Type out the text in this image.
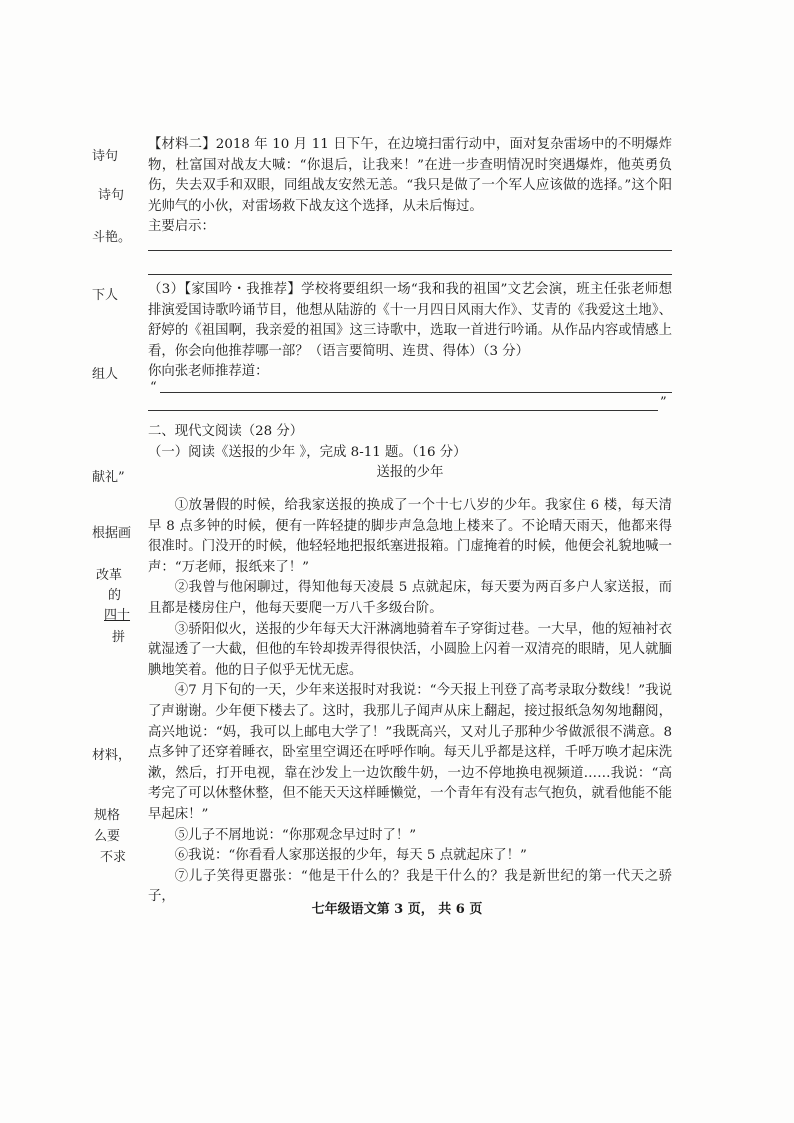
诗句
诗句
斗艳。
下人
组人
献礼”
根据画
改革
的
四十
拼
材料，
规格
么要
不求

【材料二】2018 年 10 月 11 日下午，在边境扫雷行动中，面对复杂雷场中的不明爆炸物，杜富国对战友大喊：“你退后，让我来！”在进一步查明情况时突遇爆炸，他英勇负伤，失去双手和双眼，同组战友安然无恙。“我只是做了一个军人应该做的选择。”这个阳光帅气的小伙，对雷场救下战友这个选择，从未后悔过。

主要启示：

（3）【家国吟・我推荐】学校将要组织一场“我和我的祖国”文艺会演，班主任张老师想排演爱国诗歌吟诵节目，他想从陆游的《十一月四日风雨大作》、艾青的《我爱这土地》、舒婷的《祖国啊，我亲爱的祖国》这三诗歌中，选取一首进行吟诵。从作品内容或情感上看，你会向他推荐哪一部？（语言要简明、连贯、得体）（3 分）

你向张老师推荐道：

“
”

二、现代文阅读（28 分）

（一）阅读《送报的少年 》，完成 8-11 题。（16 分）

送报的少年

①放暑假的时候，给我家送报的换成了一个十七八岁的少年。我家住 6 楼，每天清早 8 点多钟的时候，便有一阵轻捷的脚步声急急地上楼来了。不论晴天雨天，他都来得很准时。门没开的时候，他轻轻地把报纸塞进报箱。门虚掩着的时候，他便会礼貌地喊一声：“万老师，报纸来了！”

②我曾与他闲聊过，得知他每天凌晨 5 点就起床，每天要为两百多户人家送报，而且都是楼房住户，他每天要爬一万八千多级台阶。

③骄阳似火，送报的少年每天大汗淋漓地骑着车子穿街过巷。一大早，他的短袖衬衣就湿透了一大截，但他的车铃却拨弄得很快活，小圆脸上闪着一双清亮的眼睛，见人就腼腆地笑着。他的日子似乎无忧无虑。

④7 月下旬的一天，少年来送报时对我说：“今天报上刊登了高考录取分数线！”我说了声谢谢。少年便下楼去了。这时，我那儿子闻声从床上翻起，接过报纸急匆匆地翻阅，高兴地说：“妈，我可以上邮电大学了！”我既高兴，又对儿子那种少爷做派很不满意。8 点多钟了还穿着睡衣，卧室里空调还在呼呼作响。每天儿乎都是这样，千呼万唤才起床洗漱，然后，打开电视，靠在沙发上一边饮酸牛奶，一边不停地换电视频道……我说：“高考完了可以休整休整，但不能天天这样睡懒觉，一个青年有没有志气抱负，就看他能不能早起床！”

⑤儿子不屑地说：“你那观念早过时了！”

⑥我说：“你看看人家那送报的少年，每天 5 点就起床了！”

⑦儿子笑得更嚣张：“他是干什么的？我是干什么的？我是新世纪的第一代天之骄子，

七年级语文第 3 页， 共 6 页
